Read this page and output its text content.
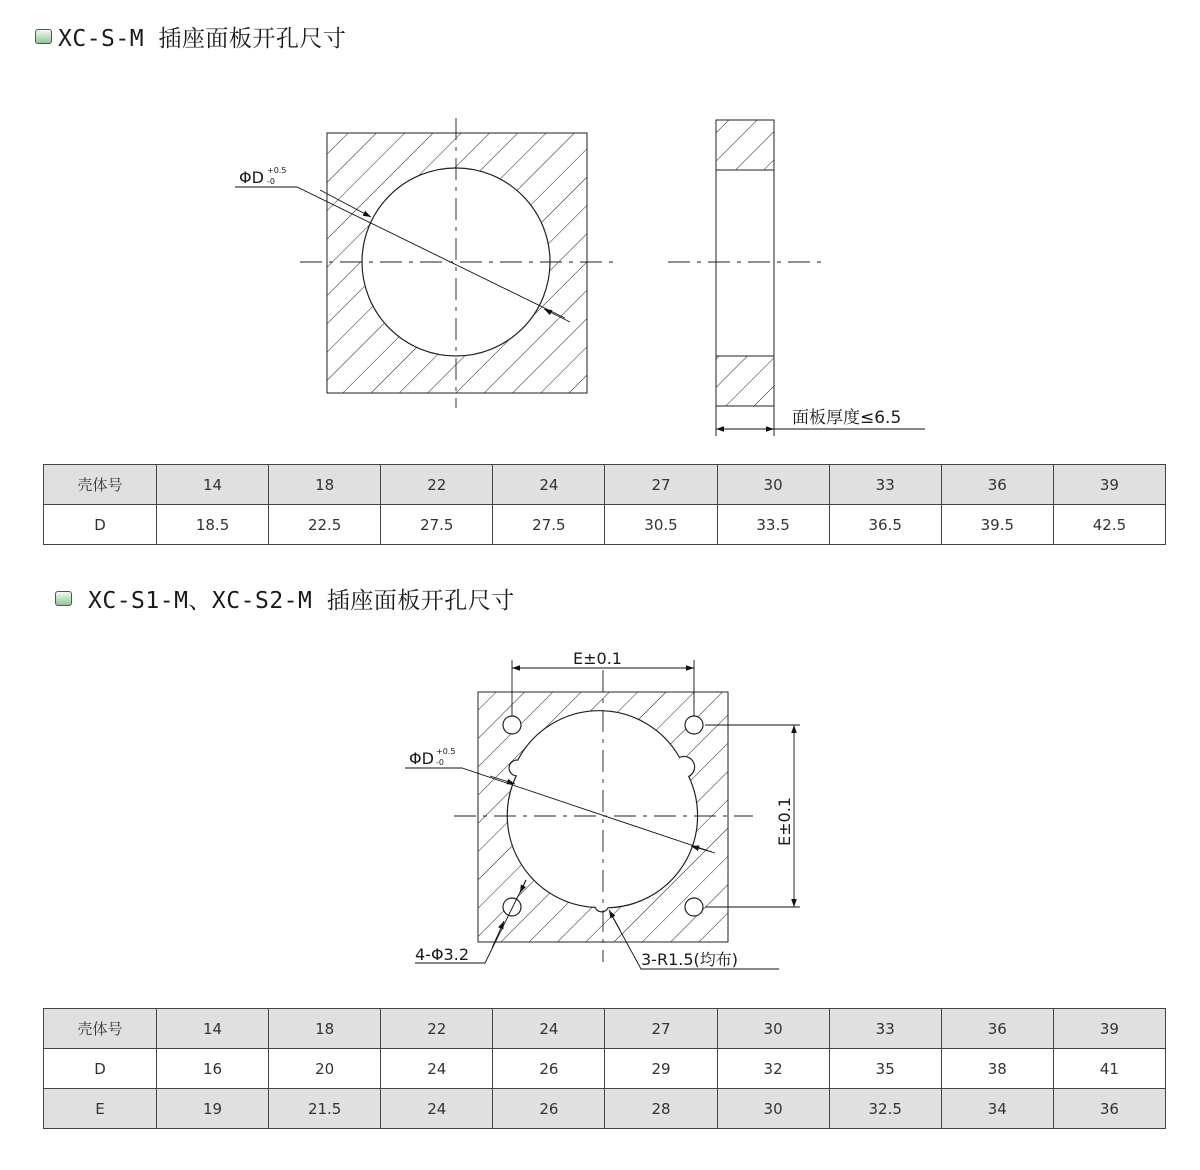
XC-S-M 插座面板开孔尺寸
XC-S1-M、XC-S2-M 插座面板开孔尺寸
ΦD +0.5
-0
面板厚度≤6.5
E±0.1
E±0.1
ΦD +0.5
-0
4-Φ3.2	3-R1.5(均布)
壳体号	14	18	22	24	27	30	33	36	39
D	18.5	22.5	27.5	27.5	30.5	33.5	36.5	39.5	42.5
壳体号	14	18	22	24	27	30	33	36	39
D	16	20	24	26	29	32	35	38	41
E	19	21.5	24	26	28	30	32.5	34	36
